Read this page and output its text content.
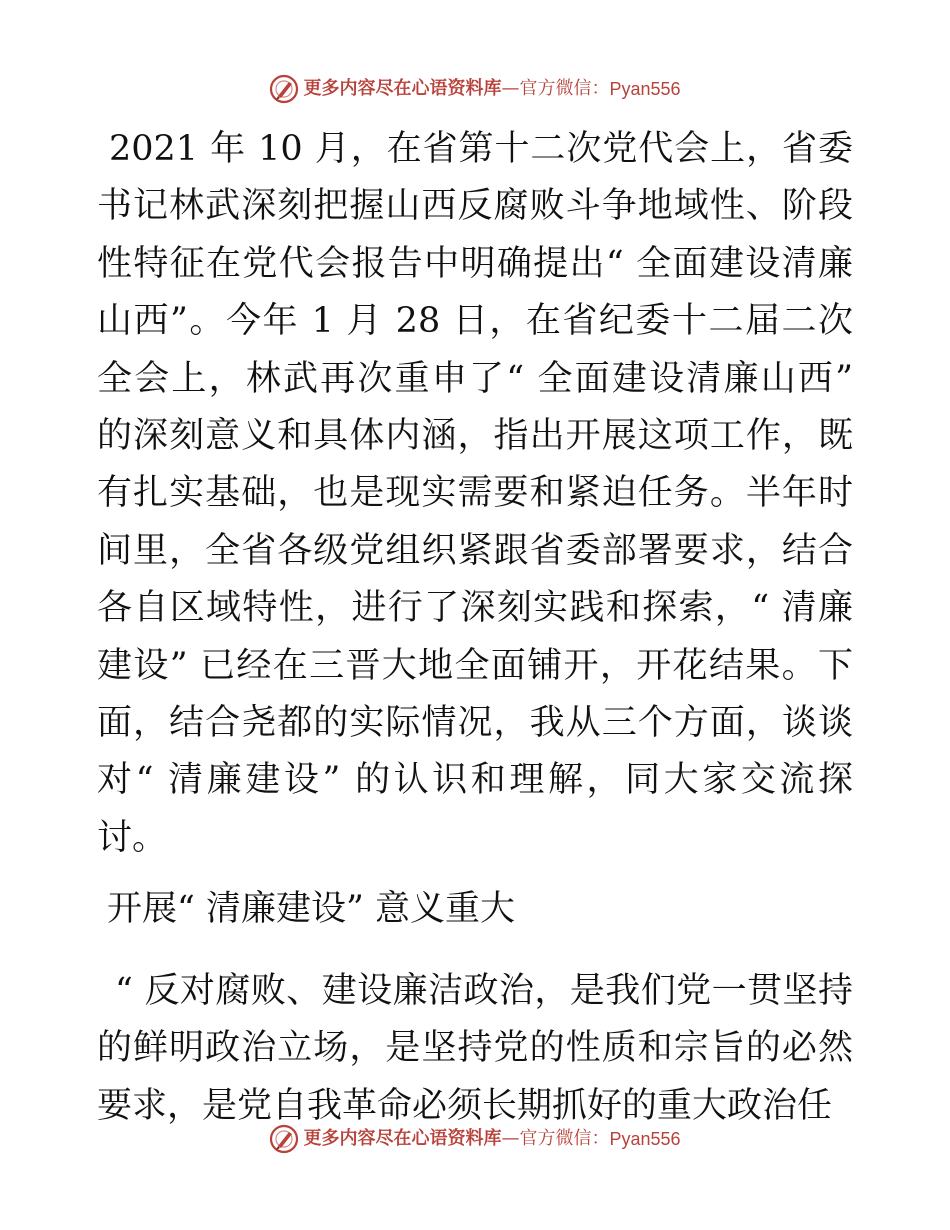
更多内容尽在心语资料库 — 官方微信： Pyan556

2021 年 10 月，在省第十二次党代会上，省委书记林武深刻把握山西反腐败斗争地域性、阶段性特征在党代会报告中明确提出“ 全面建设清廉山西”。今年 1 月 28 日，在省纪委十二届二次全会上，林武再次重申了“ 全面建设清廉山西” 的深刻意义和具体内涵，指出开展这项工作，既有扎实基础，也是现实需要和紧迫任务。半年时间里，全省各级党组织紧跟省委部署要求，结合各自区域特性，进行了深刻实践和探索，“ 清廉建设” 已经在三晋大地全面铺开，开花结果。下面，结合尧都的实际情况，我从三个方面，谈谈对“ 清廉建设” 的认识和理解，同大家交流探讨。

开展“ 清廉建设” 意义重大

“ 反对腐败、建设廉洁政治，是我们党一贯坚持的鲜明政治立场，是坚持党的性质和宗旨的必然要求，是党自我革命必须长期抓好的重大政治任

更多内容尽在心语资料库 — 官方微信： Pyan556
